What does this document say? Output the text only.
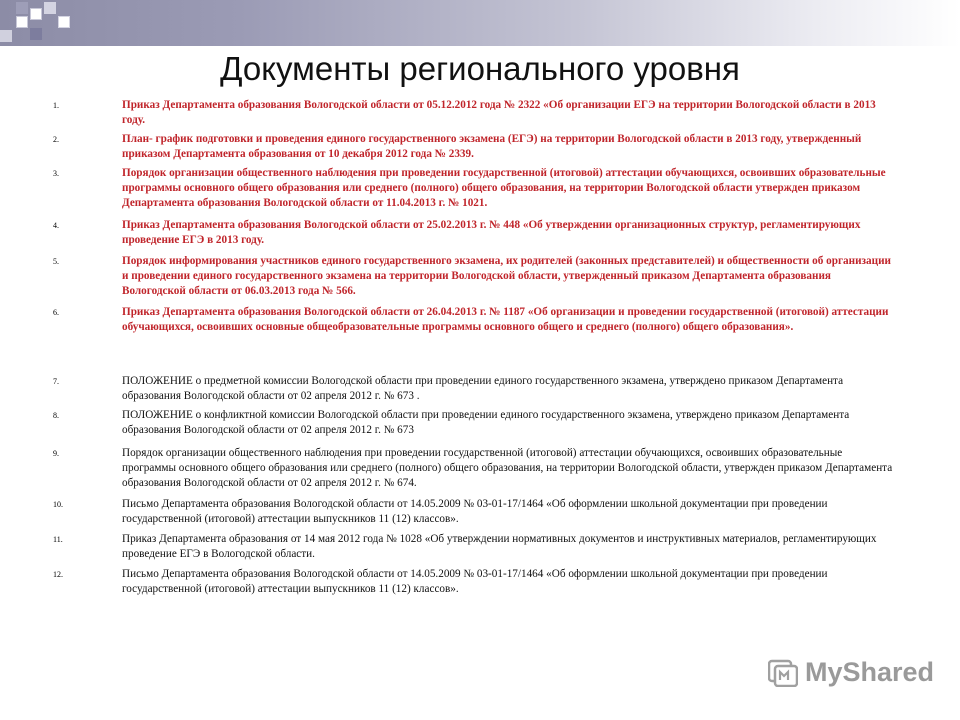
Документы регионального уровня
1.	Приказ Департамента образования Вологодской области от 05.12.2012 года № 2322 «Об организации ЕГЭ на территории Вологодской области в 2013 году.
2.	План- график подготовки и проведения единого государственного экзамена (ЕГЭ) на территории Вологодской области в 2013 году, утвержденный приказом Департамента образования от 10 декабря 2012 года № 2339.
3.	Порядок организации общественного наблюдения при проведении государственной (итоговой) аттестации обучающихся, освоивших образовательные программы основного общего образования или среднего (полного) общего образования, на территории Вологодской области утвержден приказом Департамента образования Вологодской области от 11.04.2013 г. № 1021.
4.	Приказ Департамента образования Вологодской области от 25.02.2013 г. № 448 «Об утверждении организационных структур, регламентирующих проведение ЕГЭ в 2013 году.
5.	Порядок информирования участников единого государственного экзамена, их родителей (законных представителей) и общественности об организации и проведении единого государственного экзамена на территории Вологодской области, утвержденный приказом Департамента образования Вологодской области от 06.03.2013 года № 566.
6.	Приказ Департамента образования Вологодской области от 26.04.2013 г. № 1187 «Об организации и проведении государственной (итоговой) аттестации обучающихся, освоивших основные общеобразовательные программы основного общего и среднего (полного) общего образования».
7.	ПОЛОЖЕНИЕ о предметной комиссии Вологодской области при проведении единого государственного экзамена, утверждено приказом Департамента образования Вологодской области от 02 апреля 2012 г. № 673 .
8.	ПОЛОЖЕНИЕ о конфликтной комиссии Вологодской области при проведении единого государственного экзамена, утверждено приказом Департамента образования Вологодской области от 02 апреля 2012 г. № 673
9.	Порядок организации общественного наблюдения при проведении государственной (итоговой) аттестации обучающихся, освоивших образовательные программы основного общего образования или среднего (полного) общего образования, на территории Вологодской области, утвержден приказом Департамента образования Вологодской области от 02 апреля 2012 г. № 674.
10.	Письмо Департамента образования Вологодской области от 14.05.2009 № 03-01-17/1464 «Об оформлении школьной документации при проведении государственной (итоговой) аттестации выпускников 11 (12) классов».
11.	Приказ Департамента образования от 14 мая 2012 года № 1028 «Об утверждении нормативных документов и инструктивных материалов, регламентирующих проведение ЕГЭ в Вологодской области.
12.	Письмо Департамента образования Вологодской области от 14.05.2009 № 03-01-17/1464 «Об оформлении школьной документации при проведении государственной (итоговой) аттестации выпускников 11 (12) классов».
MyShared
